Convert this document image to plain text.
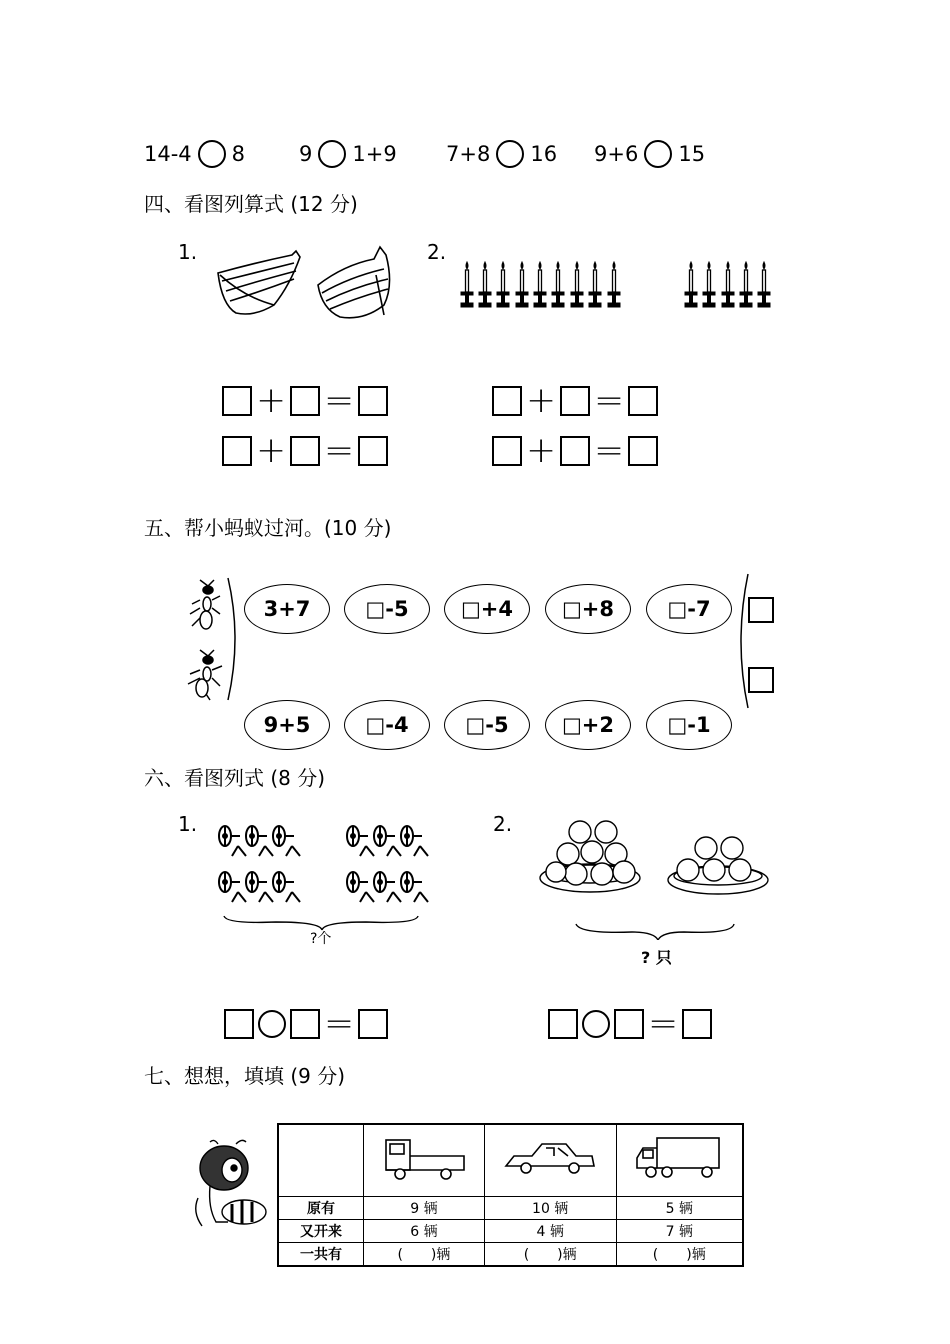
14-4 8	9 1+9 7+8 16 9+6 15
四、看图列算式 (12 分)
1.	2.
+ =
+ =
+ =
+ =
五、帮小蚂蚁过河。(10 分)
3+7	□-5	□+4	□+8	□-7
9+5	□-4	□-5	□+2	□-1
六、看图列式 (8 分)
1.	2.
?个
? 只
=	=
七、想想，填填 (9 分)

原有	9 辆	10 辆	5 辆
又开来	6 辆	4 辆	7 辆
一共有	(　　)辆	(　　)辆	(　　)辆
